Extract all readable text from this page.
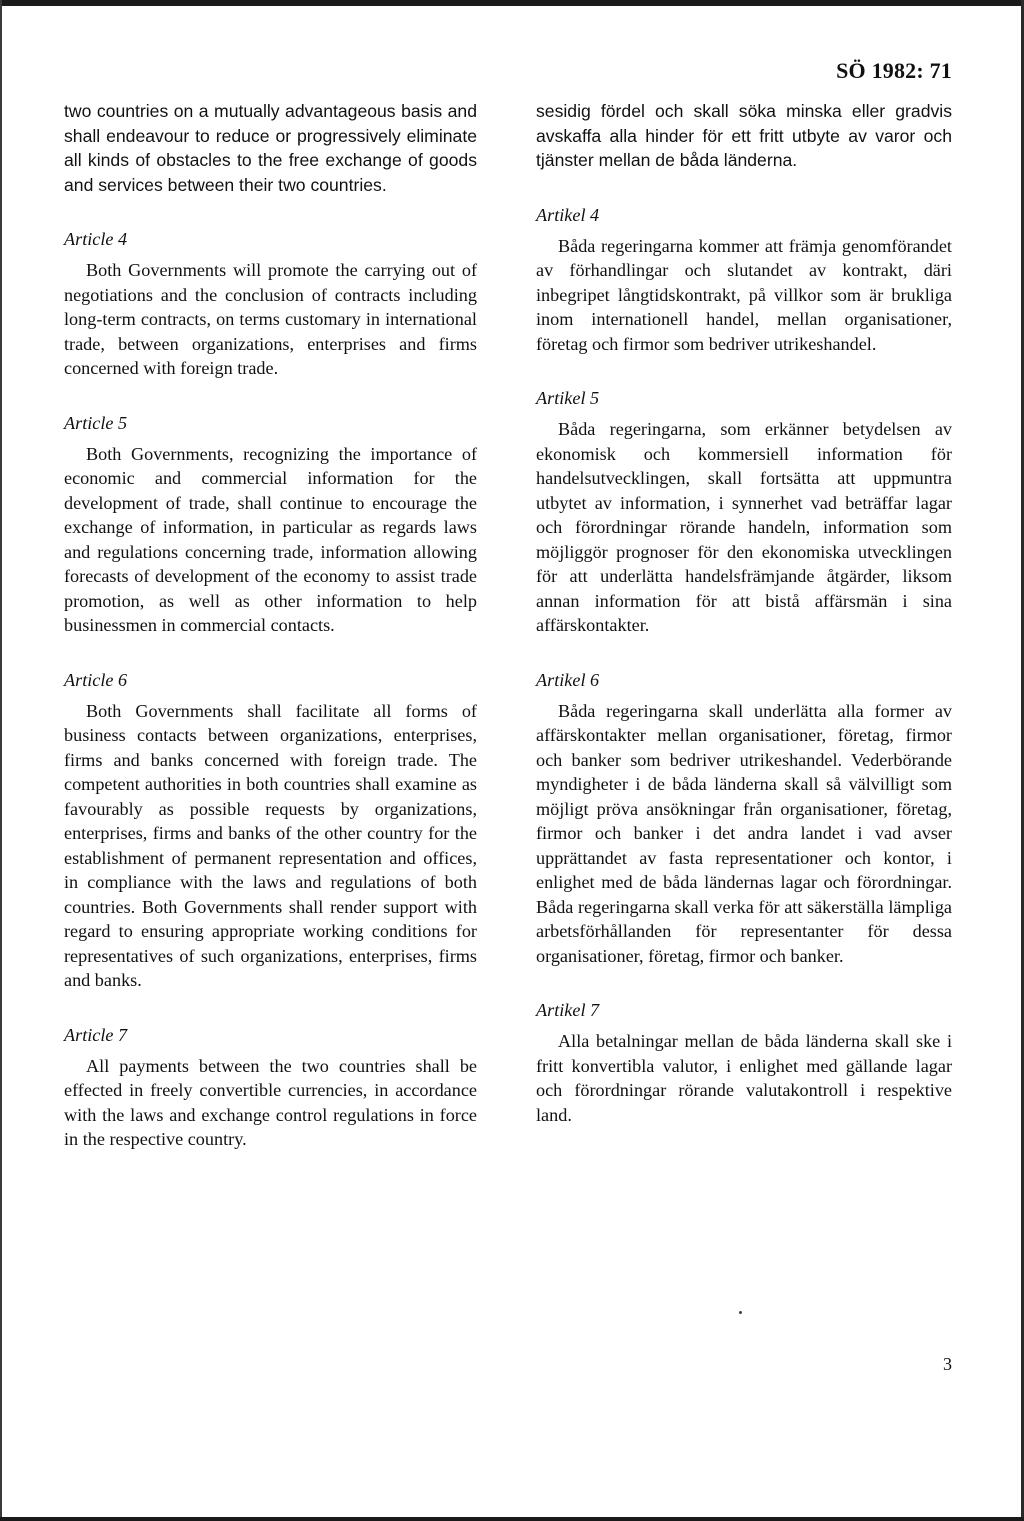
SÖ 1982: 71

two countries on a mutually advantageous basis and shall endeavour to reduce or progressively eliminate all kinds of obstacles to the free exchange of goods and services between their two countries.

Article 4

Both Governments will promote the carrying out of negotiations and the conclusion of contracts including long-term contracts, on terms customary in international trade, between organizations, enterprises and firms concerned with foreign trade.

Article 5

Both Governments, recognizing the importance of economic and commercial information for the development of trade, shall continue to encourage the exchange of information, in particular as regards laws and regulations concerning trade, information allowing forecasts of development of the economy to assist trade promotion, as well as other information to help businessmen in commercial contacts.

Article 6

Both Governments shall facilitate all forms of business contacts between organizations, enterprises, firms and banks concerned with foreign trade. The competent authorities in both countries shall examine as favourably as possible requests by organizations, enterprises, firms and banks of the other country for the establishment of permanent representation and offices, in compliance with the laws and regulations of both countries. Both Governments shall render support with regard to ensuring appropriate working conditions for representatives of such organizations, enterprises, firms and banks.

Article 7

All payments between the two countries shall be effected in freely convertible currencies, in accordance with the laws and exchange control regulations in force in the respective country.

sesidig fördel och skall söka minska eller gradvis avskaffa alla hinder för ett fritt utbyte av varor och tjänster mellan de båda länderna.

Artikel 4

Båda regeringarna kommer att främja genomförandet av förhandlingar och slutandet av kontrakt, däri inbegripet långtidskontrakt, på villkor som är brukliga inom internationell handel, mellan organisationer, företag och firmor som bedriver utrikeshandel.

Artikel 5

Båda regeringarna, som erkänner betydelsen av ekonomisk och kommersiell information för handelsutvecklingen, skall fortsätta att uppmuntra utbytet av information, i synnerhet vad beträffar lagar och förordningar rörande handeln, information som möjliggör prognoser för den ekonomiska utvecklingen för att underlätta handelsfrämjande åtgärder, liksom annan information för att bistå affärsmän i sina affärskontakter.

Artikel 6

Båda regeringarna skall underlätta alla former av affärskontakter mellan organisationer, företag, firmor och banker som bedriver utrikeshandel. Vederbörande myndigheter i de båda länderna skall så välvilligt som möjligt pröva ansökningar från organisationer, företag, firmor och banker i det andra landet i vad avser upprättandet av fasta representationer och kontor, i enlighet med de båda ländernas lagar och förordningar. Båda regeringarna skall verka för att säkerställa lämpliga arbetsförhållanden för representanter för dessa organisationer, företag, firmor och banker.

Artikel 7

Alla betalningar mellan de båda länderna skall ske i fritt konvertibla valutor, i enlighet med gällande lagar och förordningar rörande valutakontroll i respektive land.

3
